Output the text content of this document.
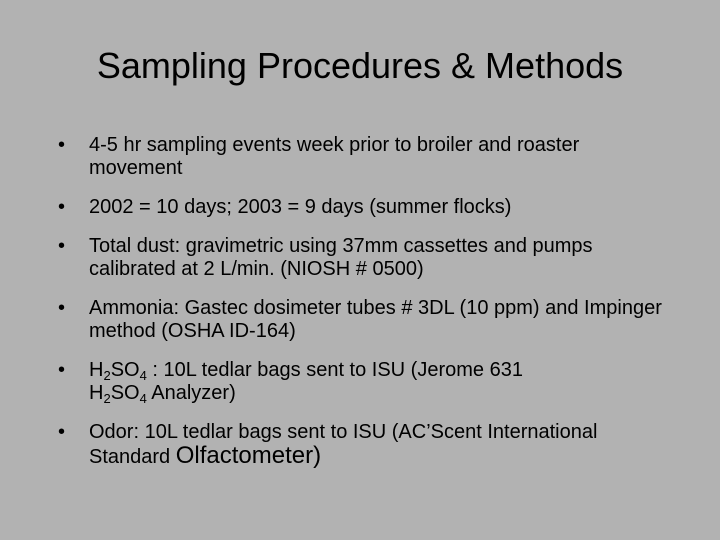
Sampling Procedures & Methods
• 4-5 hr sampling events week prior to broiler and roaster movement
• 2002 = 10 days; 2003 = 9 days (summer flocks)
• Total dust: gravimetric using 37mm cassettes and pumps calibrated at 2 L/min. (NIOSH # 0500)
• Ammonia: Gastec dosimeter tubes # 3DL (10 ppm) and Impinger method (OSHA ID-164)
• $H_2SO_4$ : 10L tedlar bags sent to ISU (Jerome 631
$H_2SO_4$ Analyzer)
• Odor: 10L tedlar bags sent to ISU (AC’Scent International Standard Olfactometer)
